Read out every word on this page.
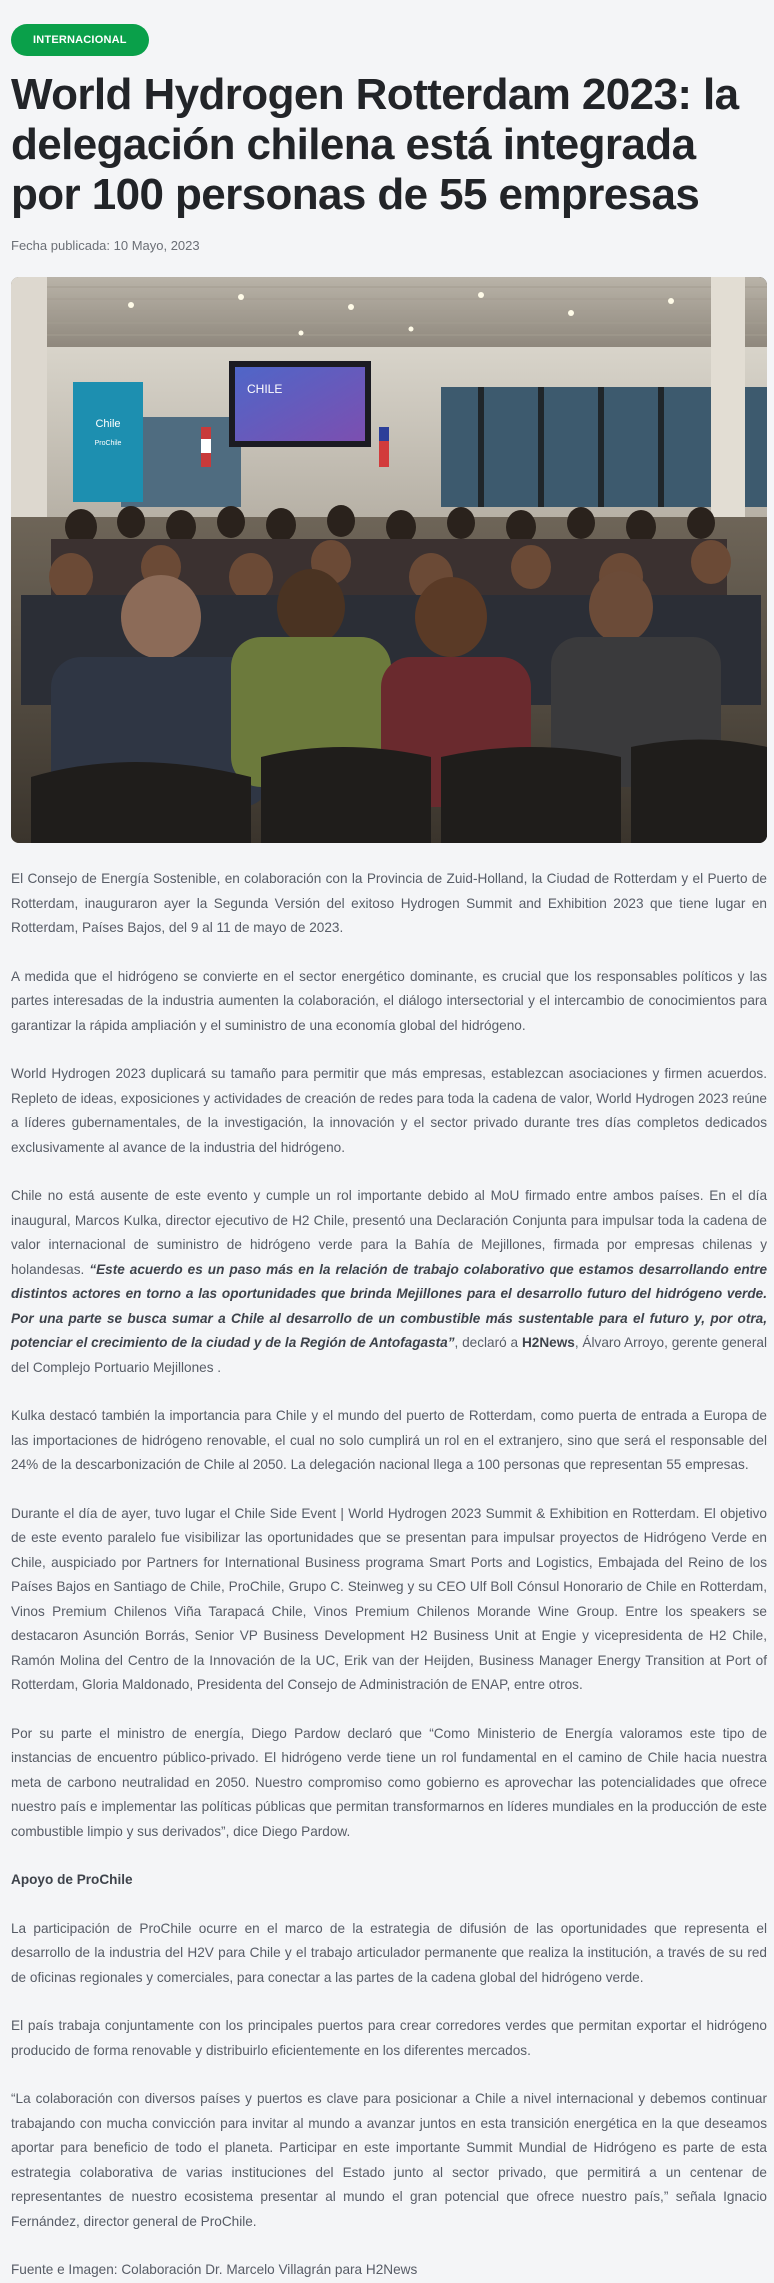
INTERNACIONAL
World Hydrogen Rotterdam 2023: la delegación chilena está integrada por 100 personas de 55 empresas
Fecha publicada: 10 Mayo, 2023
Chile
ProChile
CHILE

El Consejo de Energía Sostenible, en colaboración con la Provincia de Zuid-Holland, la Ciudad de Rotterdam y el Puerto de Rotterdam, inauguraron ayer la Segunda Versión del exitoso Hydrogen Summit and Exhibition 2023 que tiene lugar en Rotterdam, Países Bajos, del 9 al 11 de mayo de 2023.

A medida que el hidrógeno se convierte en el sector energético dominante, es crucial que los responsables políticos y las partes interesadas de la industria aumenten la colaboración, el diálogo intersectorial y el intercambio de conocimientos para garantizar la rápida ampliación y el suministro de una economía global del hidrógeno.

World Hydrogen 2023 duplicará su tamaño para permitir que más empresas, establezcan asociaciones y firmen acuerdos. Repleto de ideas, exposiciones y actividades de creación de redes para toda la cadena de valor, World Hydrogen 2023 reúne a líderes gubernamentales, de la investigación, la innovación y el sector privado durante tres días completos dedicados exclusivamente al avance de la industria del hidrógeno.

Chile no está ausente de este evento y cumple un rol importante debido al MoU firmado entre ambos países. En el día inaugural, Marcos Kulka, director ejecutivo de H2 Chile, presentó una Declaración Conjunta para impulsar toda la cadena de valor internacional de suministro de hidrógeno verde para la Bahía de Mejillones, firmada por empresas chilenas y holandesas. “Este acuerdo es un paso más en la relación de trabajo colaborativo que estamos desarrollando entre distintos actores en torno a las oportunidades que brinda Mejillones para el desarrollo futuro del hidrógeno verde. Por una parte se busca sumar a Chile al desarrollo de un combustible más sustentable para el futuro y, por otra, potenciar el crecimiento de la ciudad y de la Región de Antofagasta”, declaró a H2News, Álvaro Arroyo, gerente general del Complejo Portuario Mejillones .

Kulka destacó también la importancia para Chile y el mundo del puerto de Rotterdam, como puerta de entrada a Europa de las importaciones de hidrógeno renovable, el cual no solo cumplirá un rol en el extranjero, sino que será el responsable del 24% de la descarbonización de Chile al 2050. La delegación nacional llega a 100 personas que representan 55 empresas.

Durante el día de ayer, tuvo lugar el Chile Side Event | World Hydrogen 2023 Summit & Exhibition en Rotterdam. El objetivo de este evento paralelo fue visibilizar las oportunidades que se presentan para impulsar proyectos de Hidrógeno Verde en Chile, auspiciado por Partners for International Business programa Smart Ports and Logistics, Embajada del Reino de los Países Bajos en Santiago de Chile, ProChile, Grupo C. Steinweg y su CEO Ulf Boll Cónsul Honorario de Chile en Rotterdam, Vinos Premium Chilenos Viña Tarapacá Chile, Vinos Premium Chilenos Morande Wine Group. Entre los speakers se destacaron Asunción Borrás, Senior VP Business Development H2 Business Unit at Engie y vicepresidenta de H2 Chile, Ramón Molina del Centro de la Innovación de la UC, Erik van der Heijden, Business Manager Energy Transition at Port of Rotterdam, Gloria Maldonado, Presidenta del Consejo de Administración de ENAP, entre otros.

Por su parte el ministro de energía, Diego Pardow declaró que “Como Ministerio de Energía valoramos este tipo de instancias de encuentro público-privado. El hidrógeno verde tiene un rol fundamental en el camino de Chile hacia nuestra meta de carbono neutralidad en 2050. Nuestro compromiso como gobierno es aprovechar las potencialidades que ofrece nuestro país e implementar las políticas públicas que permitan transformarnos en líderes mundiales en la producción de este combustible limpio y sus derivados”, dice Diego Pardow.

Apoyo de ProChile

La participación de ProChile ocurre en el marco de la estrategia de difusión de las oportunidades que representa el desarrollo de la industria del H2V para Chile y el trabajo articulador permanente que realiza la institución, a través de su red de oficinas regionales y comerciales, para conectar a las partes de la cadena global del hidrógeno verde.

El país trabaja conjuntamente con los principales puertos para crear corredores verdes que permitan exportar el hidrógeno producido de forma renovable y distribuirlo eficientemente en los diferentes mercados.

“La colaboración con diversos países y puertos es clave para posicionar a Chile a nivel internacional y debemos continuar trabajando con mucha convicción para invitar al mundo a avanzar juntos en esta transición energética en la que deseamos aportar para beneficio de todo el planeta. Participar en este importante Summit Mundial de Hidrógeno es parte de esta estrategia colaborativa de varias instituciones del Estado junto al sector privado, que permitirá a un centenar de representantes de nuestro ecosistema presentar al mundo el gran potencial que ofrece nuestro país,” señala Ignacio Fernández, director general de ProChile.

Fuente e Imagen: Colaboración Dr. Marcelo Villagrán para H2News
